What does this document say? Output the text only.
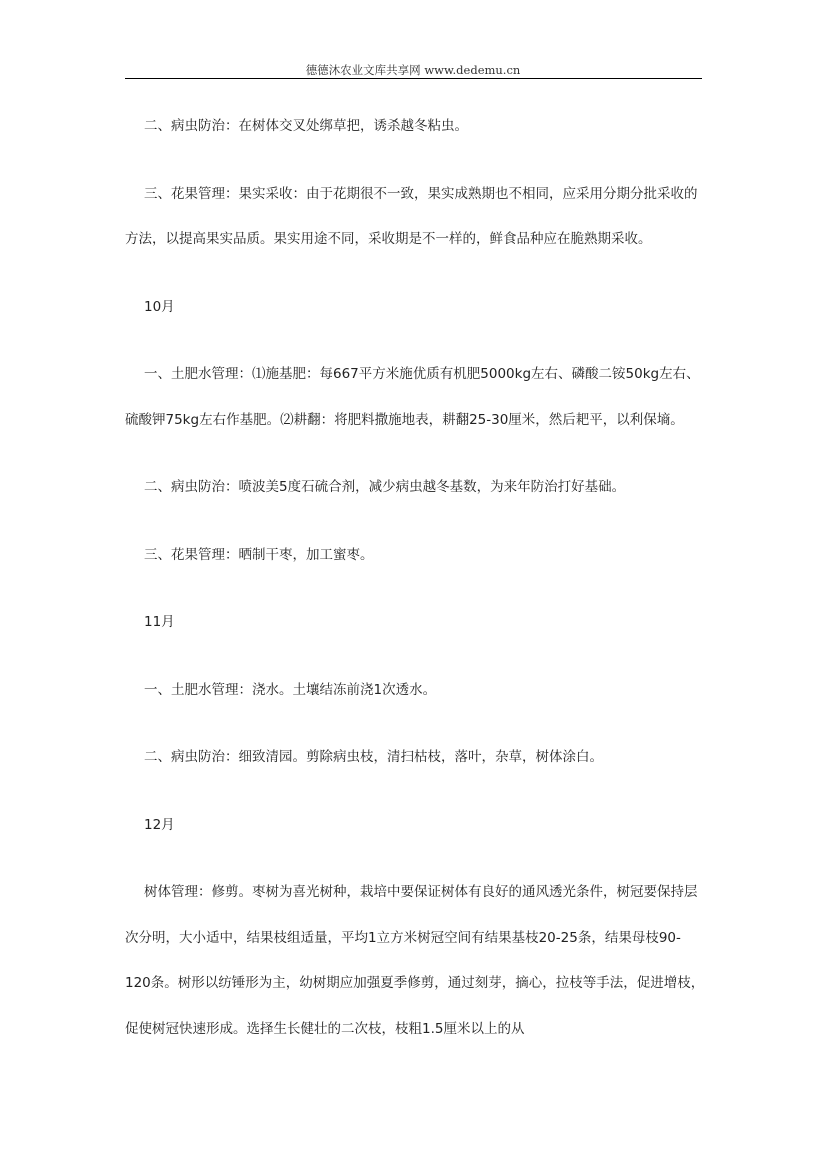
德德沐农业文库共享网 www.dedemu.cn

二、病虫防治：在树体交叉处绑草把，诱杀越冬粘虫。

三、花果管理：果实采收：由于花期很不一致，果实成熟期也不相同，应采用分期分批采收的方法，以提高果实品质。果实用途不同，采收期是不一样的，鲜食品种应在脆熟期采收。

10月

一、土肥水管理：⑴施基肥：每667平方米施优质有机肥5000kg左右、磷酸二铵50kg左右、硫酸钾75kg左右作基肥。⑵耕翻：将肥料撒施地表，耕翻25-30厘米，然后耙平，以利保墒。

二、病虫防治：喷波美5度石硫合剂，减少病虫越冬基数，为来年防治打好基础。

三、花果管理：晒制干枣，加工蜜枣。

11月

一、土肥水管理：浇水。土壤结冻前浇1次透水。

二、病虫防治：细致清园。剪除病虫枝，清扫枯枝，落叶，杂草，树体涂白。

12月

树体管理：修剪。枣树为喜光树种，栽培中要保证树体有良好的通风透光条件，树冠要保持层次分明，大小适中，结果枝组适量，平均1立方米树冠空间有结果基枝20-25条，结果母枝90-120条。树形以纺锤形为主，幼树期应加强夏季修剪，通过刻芽，摘心，拉枝等手法，促进增枝，促使树冠快速形成。选择生长健壮的二次枝，枝粗1.5厘米以上的从
